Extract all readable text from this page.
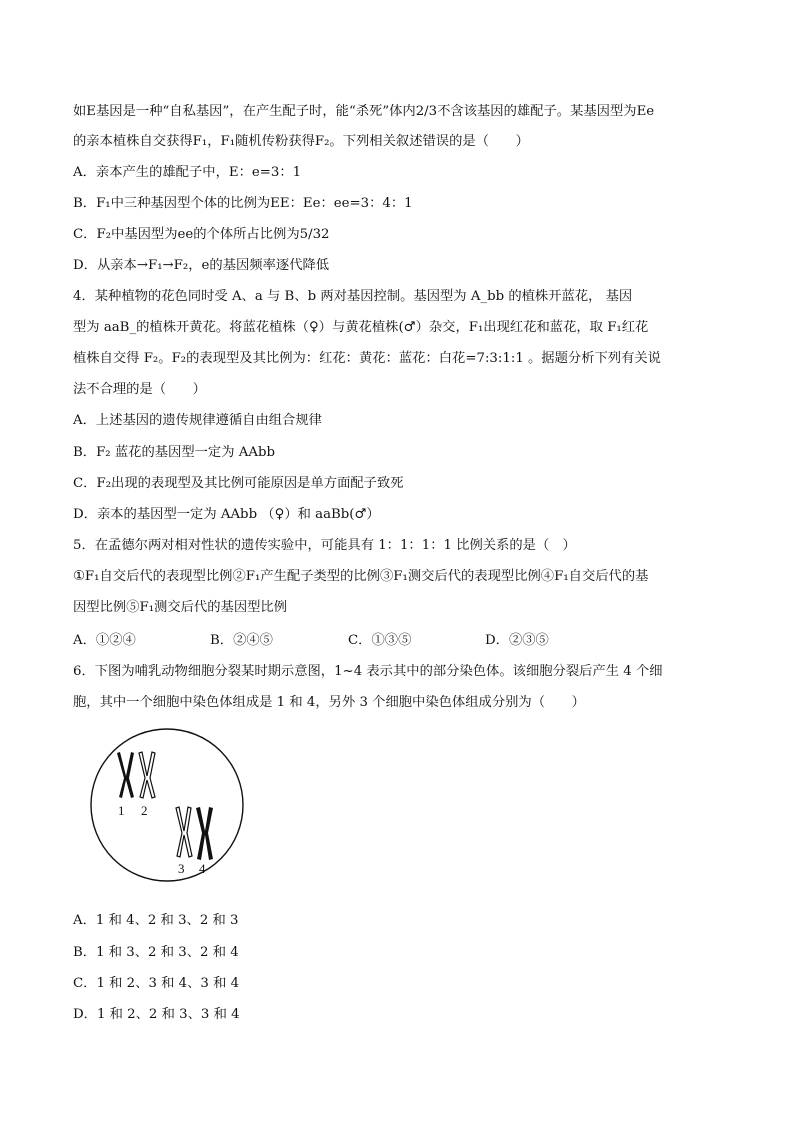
如E基因是一种“自私基因”，在产生配子时，能“杀死”体内2/3不含该基因的雄配子。某基因型为Ee
的亲本植株自交获得F₁，F₁随机传粉获得F₂。下列相关叙述错误的是（　　）
A．亲本产生的雄配子中，E：e=3：1
B．F₁中三种基因型个体的比例为EE：Ee：ee=3：4：1
C．F₂中基因型为ee的个体所占比例为5/32
D．从亲本→F₁→F₂，e的基因频率逐代降低
4．某种植物的花色同时受 A、a 与 B、b 两对基因控制。基因型为 A_bb 的植株开蓝花， 基因
型为 aaB_的植株开黄花。将蓝花植株（♀）与黄花植株(♂）杂交，F₁出现红花和蓝花，取 F₁红花
植株自交得 F₂。F₂的表现型及其比例为：红花：黄花：蓝花：白花=7:3:1:1 。据题分析下列有关说
法不合理的是（　　）
A．上述基因的遗传规律遵循自由组合规律
B．F₂ 蓝花的基因型一定为 AAbb
C．F₂出现的表现型及其比例可能原因是单方面配子致死
D．亲本的基因型一定为 AAbb （♀）和 aaBb(♂）
5．在孟德尔两对相对性状的遗传实验中，可能具有 1：1：1：1 比例关系的是（　）
①F₁自交后代的表现型比例②F₁产生配子类型的比例③F₁测交后代的表现型比例④F₁自交后代的基
因型比例⑤F₁测交后代的基因型比例
A．①②④	B．②④⑤	C．①③⑤	D．②③⑤
6．下图为哺乳动物细胞分裂某时期示意图，1~4 表示其中的部分染色体。该细胞分裂后产生 4 个细
胞，其中一个细胞中染色体组成是 1 和 4，另外 3 个细胞中染色体组成分别为（　　）
1 2
3 4
A．1 和 4、2 和 3、2 和 3
B．1 和 3、2 和 3、2 和 4
C．1 和 2、3 和 4、3 和 4
D．1 和 2、2 和 3、3 和 4
